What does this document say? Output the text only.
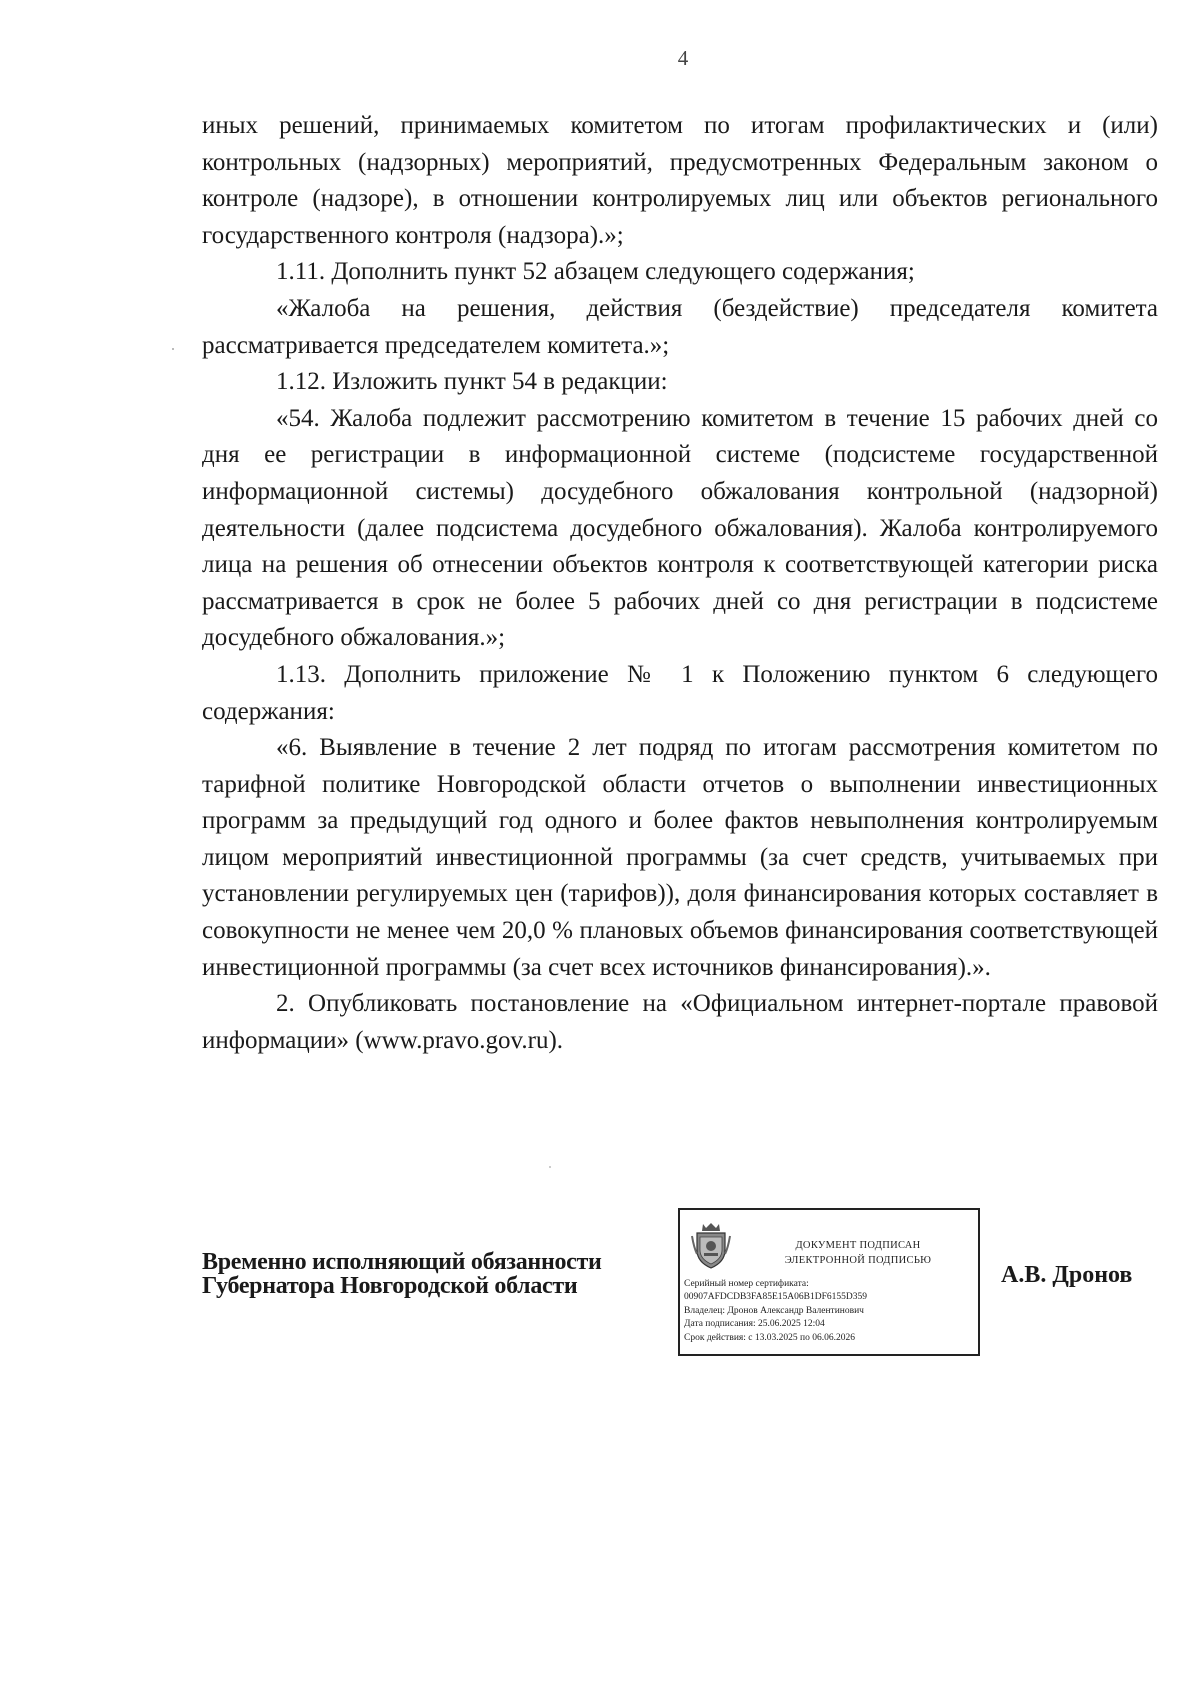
4

иных решений, принимаемых комитетом по итогам профилактических и (или) контрольных (надзорных) мероприятий, предусмотренных Федеральным законом о контроле (надзоре), в отношении контролируемых лиц или объектов регионального государственного контроля (надзора).»;

1.11. Дополнить пункт 52 абзацем следующего содержания;

«Жалоба на решения, действия (бездействие) председателя комитета рассматривается председателем комитета.»;

1.12. Изложить пункт 54 в редакции:

«54. Жалоба подлежит рассмотрению комитетом в течение 15 рабочих дней со дня ее регистрации в информационной системе (подсистеме государственной информационной системы) досудебного обжалования контрольной (надзорной) деятельности (далее подсистема досудебного обжалования). Жалоба контролируемого лица на решения об отнесении объектов контроля к соответствующей категории риска рассматривается в срок не более 5 рабочих дней со дня регистрации в подсистеме досудебного обжалования.»;

1.13. Дополнить приложение № 1 к Положению пунктом 6 следующего содержания:

«6. Выявление в течение 2 лет подряд по итогам рассмотрения комитетом по тарифной политике Новгородской области отчетов о выполнении инвестиционных программ за предыдущий год одного и более фактов невыполнения контролируемым лицом мероприятий инвестиционной программы (за счет средств, учитываемых при установлении регулируемых цен (тарифов)), доля финансирования которых составляет в совокупности не менее чем 20,0 % плановых объемов финансирования соответствующей инвестиционной программы (за счет всех источников финансирования).».

2. Опубликовать постановление на «Официальном интернет-портале правовой информации» (www.pravo.gov.ru).

Временно исполняющий обязанности
Губернатора Новгородской области
ДОКУМЕНТ ПОДПИСАН
ЭЛЕКТРОННОЙ ПОДПИСЬЮ
Серийный номер сертификата:
00907AFDCDB3FA85E15A06B1DF6155D359
Владелец: Дронов Александр Валентинович
Дата подписания: 25.06.2025 12:04
Срок действия: с 13.03.2025 по 06.06.2026
А.В. Дронов
